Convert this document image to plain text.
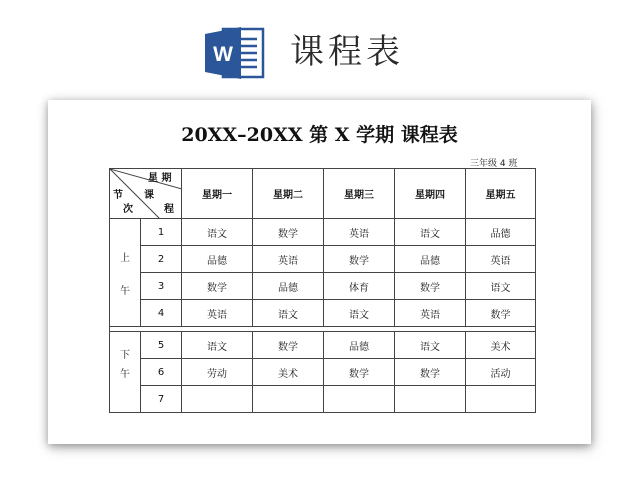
W 课程表
20XX–20XX 第 X 学期 课程表
三年级 4 班
星 期
课
节
次 程		星期一	星期二	星期三	星期四	星期五

上
午	1	语文	数学	英语	语文	品德
	2	品德	英语	数学	品德	英语
	3	数学	品德	体育	数学	语文
	4	英语	语文	语文	英语	数学

下
午	5	语文	数学	品德	语文	美术
	6	劳动	美术	数学	数学	活动
	7					
